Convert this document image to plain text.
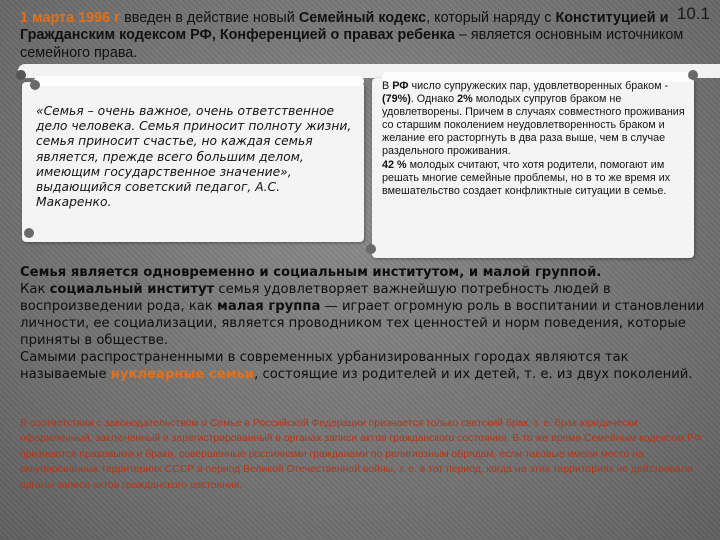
10.1
1 марта 1996 г введен в действие новый Семейный кодекс, который наряду с Конституцией и Гражданским кодексом РФ, Конференцией о правах ребенка – является основным источником семейного права.
«Семья – очень важное, очень ответственное дело человека. Семья приносит полноту жизни, семья приносит счастье, но каждая семья является, прежде всего большим делом, имеющим государственное значение», выдающийся советский педагог, А.С. Макаренко.
В РФ число супружеских пар, удовлетворенных браком - (79%). Однако 2% молодых супругов браком не удовлетворены. Причем в случаях совместного проживания со старшим поколением неудовлетворенность браком и желание его расторгнуть в два раза выше, чем в случае раздельного проживания.
42 % молодых считают, что хотя родители, помогают им решать многие семейные проблемы, но в то же время их вмешательство создает конфликтные ситуации в семье.
Семья является одновременно и социальным институтом, и малой группой.
Как социальный институт семья удовлетворяет важнейшую потребность людей в воспроизведении рода, как малая группа — играет огромную роль в воспитании и становлении личности, ее социализации, является проводником тех ценностей и норм поведения, которые приняты в обществе.
Самыми распространенными в современных урбанизированных городах являются так называемые нуклеарные семьи, состоящие из родителей и их детей, т. е. из двух поколений.
В соответствии с законодательством о Семье в Российской Федерации признается только светский брак, т. е. брак юридически оформленный, заключенный и зарегистрированный в органах записи актов гражданского состояния. В то же время Семейным кодексом РФ признаются правовыми и браки, совершенные россиянами гражданами по религиозным обрядам, если таковые имели место на оккупированных территориях СССР в период Великой Отечественной войны, т. е. в тот период, когда на этих территориях не действовали органы записи актов гражданского состояния.
